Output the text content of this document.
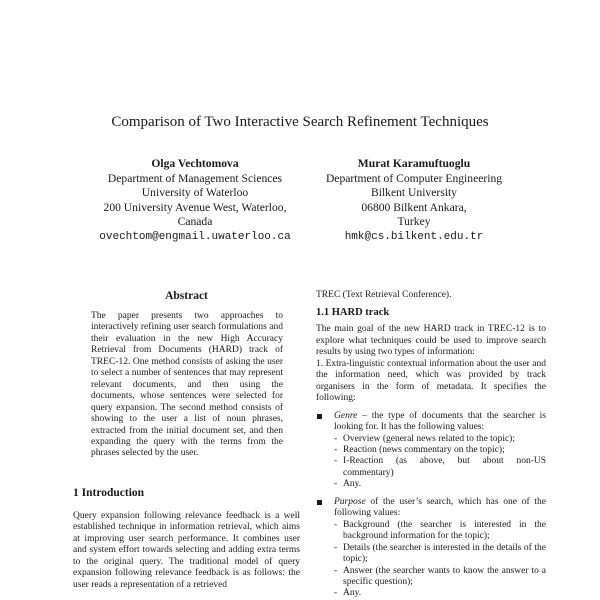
Comparison of Two Interactive Search Refinement Techniques
Olga Vechtomova
Department of Management Sciences
University of Waterloo
200 University Avenue West, Waterloo,
Canada
ovechtom@engmail.uwaterloo.ca
Murat Karamuftuoglu
Department of Computer Engineering
Bilkent University
06800 Bilkent Ankara,
Turkey
hmk@cs.bilkent.edu.tr
Abstract
The paper presents two approaches to interactively refining user search formulations and their evaluation in the new High Accuracy Retrieval from Documents (HARD) track of TREC-12. One method consists of asking the user to select a number of sentences that may represent relevant documents, and then using the documents, whose sentences were selected for query expansion. The second method consists of showing to the user a list of noun phrases, extracted from the initial document set, and then expanding the query with the terms from the phrases selected by the user.
1 Introduction
Query expansion following relevance feedback is a well established technique in information retrieval, which aims at improving user search performance. It combines user and system effort towards selecting and adding extra terms to the original query. The traditional model of query expansion following relevance feedback is as follows: the user reads a representation of a retrieved
TREC (Text Retrieval Conference).
1.1 HARD track
The main goal of the new HARD track in TREC-12 is to explore what techniques could be used to improve search results by using two types of information:
1. Extra-linguistic contextual information about the user and the information need, which was provided by track organisers in the form of metadata. It specifies the following:
Genre – the type of documents that the searcher is looking for. It has the following values:
- Overview (general news related to the topic);
- Reaction (news commentary on the topic);
- I-Reaction (as above, but about non-US commentary)
- Any.
Purpose of the user’s search, which has one of the following values:
- Background (the searcher is interested in the background information for the topic);
- Details (the searcher is interested in the details of the topic);
- Answer (the searcher wants to know the answer to a specific question);
- Any.
